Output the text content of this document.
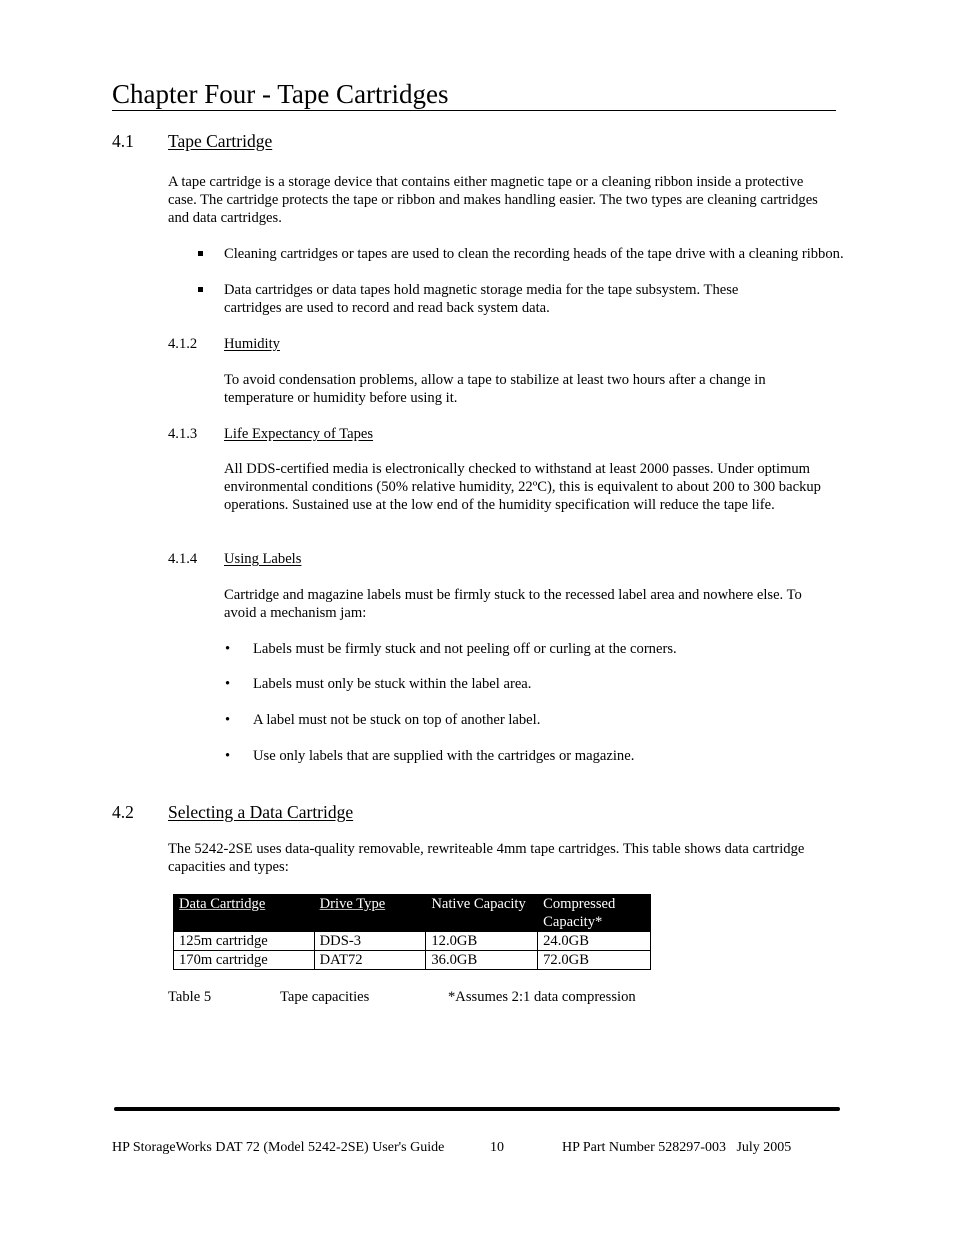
Chapter Four - Tape Cartridges
4.1 Tape Cartridge
A tape cartridge is a storage device that contains either magnetic tape or a cleaning ribbon inside a protective case. The cartridge protects the tape or ribbon and makes handling easier. The two types are cleaning cartridges and data cartridges.
Cleaning cartridges or tapes are used to clean the recording heads of the tape drive with a cleaning ribbon.
Data cartridges or data tapes hold magnetic storage media for the tape subsystem. These cartridges are used to record and read back system data.
4.1.2 Humidity
To avoid condensation problems, allow a tape to stabilize at least two hours after a change in temperature or humidity before using it.
4.1.3 Life Expectancy of Tapes
All DDS-certified media is electronically checked to withstand at least 2000 passes. Under optimum environmental conditions (50% relative humidity, 22ºC), this is equivalent to about 200 to 300 backup operations. Sustained use at the low end of the humidity specification will reduce the tape life.
4.1.4 Using Labels
Cartridge and magazine labels must be firmly stuck to the recessed label area and nowhere else. To avoid a mechanism jam:
• Labels must be firmly stuck and not peeling off or curling at the corners.
• Labels must only be stuck within the label area.
• A label must not be stuck on top of another label.
• Use only labels that are supplied with the cartridges or magazine.
4.2 Selecting a Data Cartridge
The 5242-2SE uses data-quality removable, rewriteable 4mm tape cartridges. This table shows data cartridge capacities and types:
Data Cartridge	Drive Type	Native Capacity	Compressed Capacity*
125m cartridge	DDS-3	12.0GB	24.0GB
170m cartridge	DAT72	36.0GB	72.0GB
Table 5	Tape capacities	*Assumes 2:1 data compression
HP StorageWorks DAT 72 (Model 5242-2SE) User's Guide	10	HP Part Number 528297-003   July 2005
